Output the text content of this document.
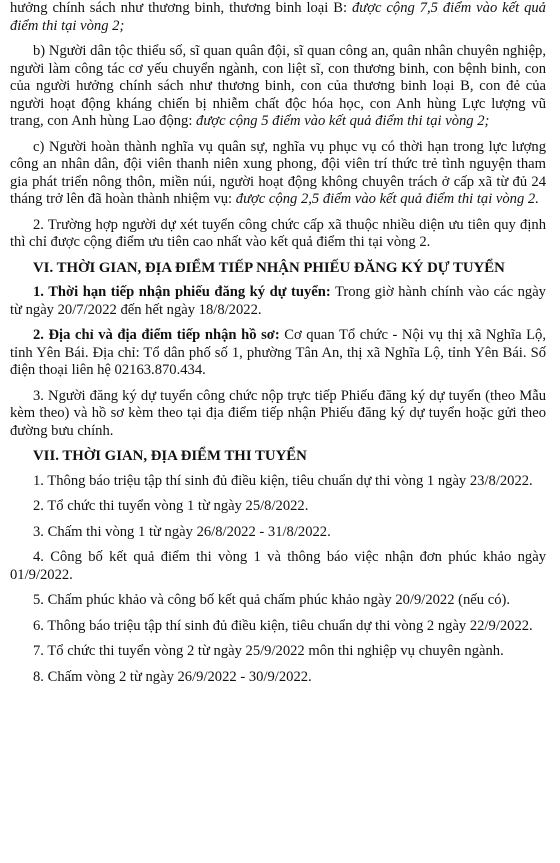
hưởng chính sách như thương binh, thương binh loại B: được cộng 7,5 điểm vào kết quả điểm thi tại vòng 2;

b) Người dân tộc thiểu số, sĩ quan quân đội, sĩ quan công an, quân nhân chuyên nghiệp, người làm công tác cơ yếu chuyển ngành, con liệt sĩ, con thương binh, con bệnh binh, con của người hưởng chính sách như thương binh, con của thương binh loại B, con đẻ của người hoạt động kháng chiến bị nhiễm chất độc hóa học, con Anh hùng Lực lượng vũ trang, con Anh hùng Lao động: được cộng 5 điểm vào kết quả điểm thi tại vòng 2;

c) Người hoàn thành nghĩa vụ quân sự, nghĩa vụ phục vụ có thời hạn trong lực lượng công an nhân dân, đội viên thanh niên xung phong, đội viên trí thức trẻ tình nguyện tham gia phát triển nông thôn, miền núi, người hoạt động không chuyên trách ở cấp xã từ đủ 24 tháng trở lên đã hoàn thành nhiệm vụ: được cộng 2,5 điểm vào kết quả điểm thi tại vòng 2.

2. Trường hợp người dự xét tuyển công chức cấp xã thuộc nhiều diện ưu tiên quy định thì chỉ được cộng điểm ưu tiên cao nhất vào kết quả điểm thi tại vòng 2.

VI. THỜI GIAN, ĐỊA ĐIỂM TIẾP NHẬN PHIẾU ĐĂNG KÝ DỰ TUYỂN

1. Thời hạn tiếp nhận phiếu đăng ký dự tuyển: Trong giờ hành chính vào các ngày từ ngày 20/7/2022 đến hết ngày 18/8/2022.

2. Địa chỉ và địa điểm tiếp nhận hồ sơ: Cơ quan Tổ chức - Nội vụ thị xã Nghĩa Lộ, tỉnh Yên Bái. Địa chỉ: Tổ dân phố số 1, phường Tân An, thị xã Nghĩa Lộ, tỉnh Yên Bái. Số điện thoại liên hệ 02163.870.434.

3. Người đăng ký dự tuyển công chức nộp trực tiếp Phiếu đăng ký dự tuyển (theo Mẫu kèm theo) và hồ sơ kèm theo tại địa điểm tiếp nhận Phiếu đăng ký dự tuyển hoặc gửi theo đường bưu chính.

VII. THỜI GIAN, ĐỊA ĐIỂM THI TUYỂN

1. Thông báo triệu tập thí sinh đủ điều kiện, tiêu chuẩn dự thi vòng 1 ngày 23/8/2022.

2. Tổ chức thi tuyển vòng 1 từ ngày 25/8/2022.

3. Chấm thi vòng 1 từ ngày 26/8/2022 - 31/8/2022.

4. Công bố kết quả điểm thi vòng 1 và thông báo việc nhận đơn phúc khảo ngày 01/9/2022.

5. Chấm phúc khảo và công bố kết quả chấm phúc khảo ngày 20/9/2022 (nếu có).

6. Thông báo triệu tập thí sinh đủ điều kiện, tiêu chuẩn dự thi vòng 2 ngày 22/9/2022.

7. Tổ chức thi tuyển vòng 2 từ ngày 25/9/2022 môn thi nghiệp vụ chuyên ngành.

8. Chấm vòng 2 từ ngày 26/9/2022 - 30/9/2022.
